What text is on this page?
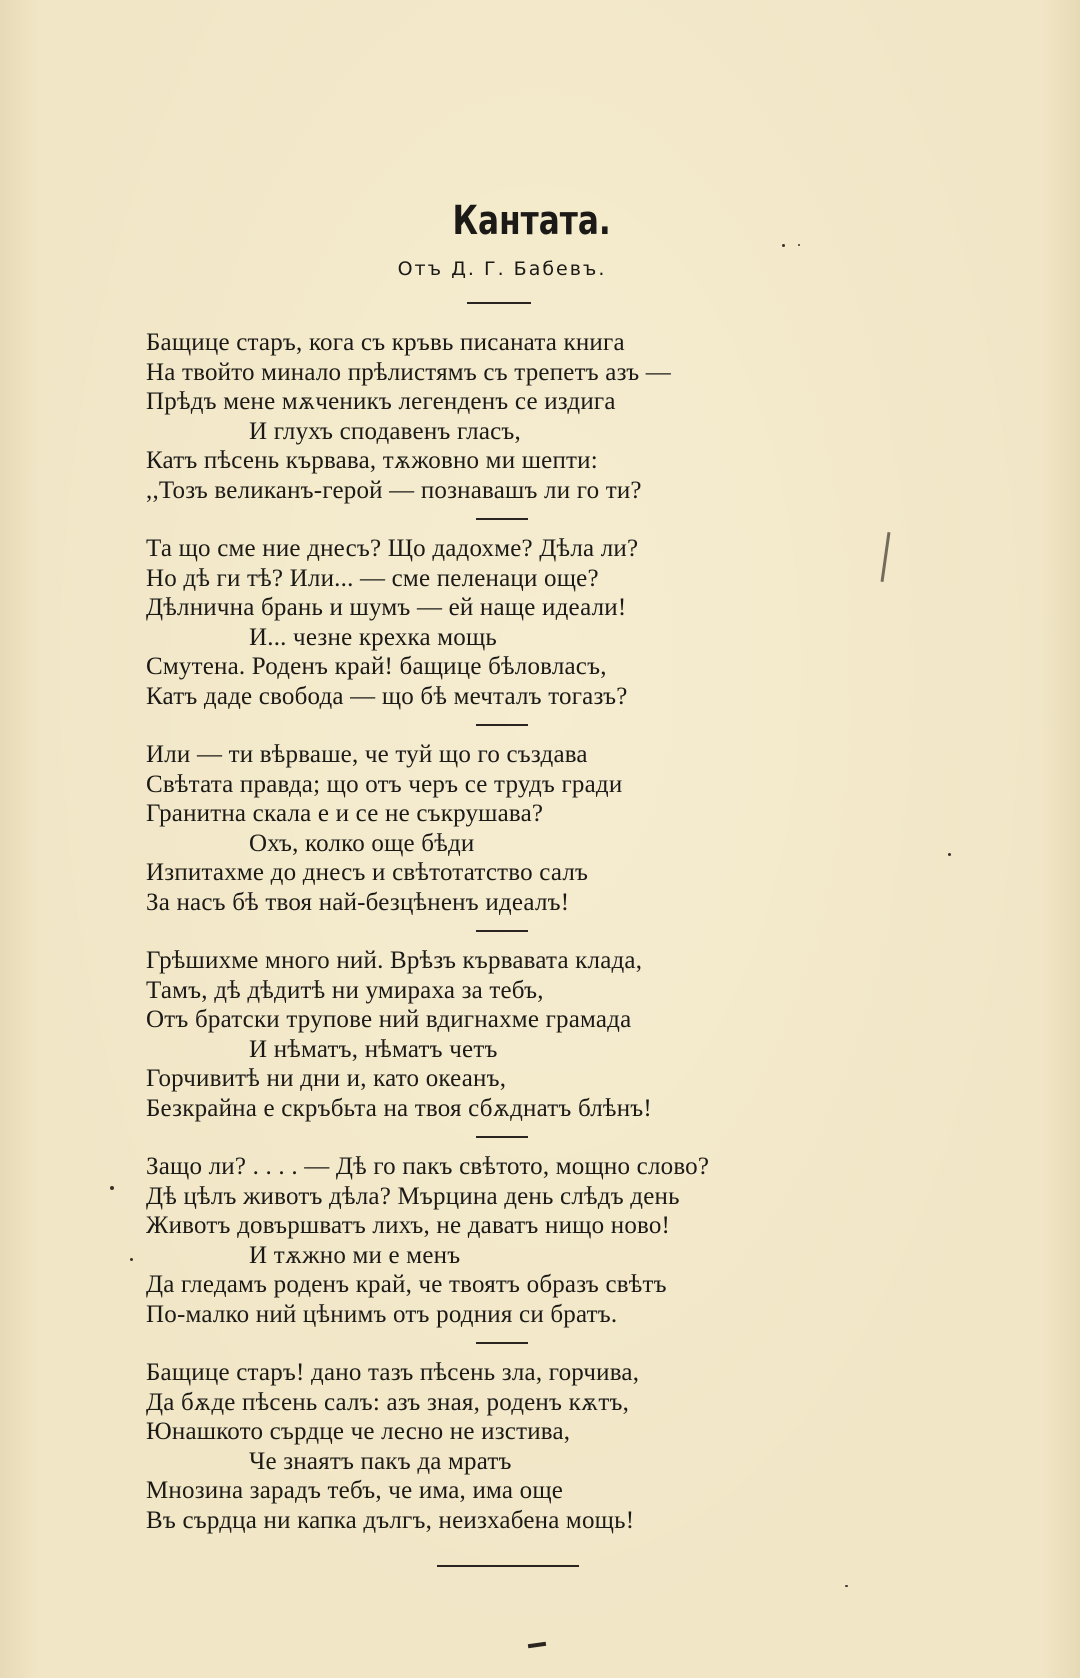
Кантата.
Отъ Д. Г. Бабевъ.
Бащице старъ, кога съ кръвь писаната книга
На твойто минало прѣлистямъ съ трепетъ азъ —
Прѣдъ мене мѫченикъ легенденъ се издига
И глухъ сподавенъ гласъ,
Катъ пѣсень кървава, тѫжовно ми шепти:
,,Тозъ великанъ-герой — познавашъ ли го ти?
Та що сме ние днесъ? Що дадохме? Дѣла ли?
Но дѣ ги тѣ? Или... — сме пеленаци още?
Дѣлнична брань и шумъ — ей наще идеали!
И... чезне крехка мощь
Смутена. Роденъ край! бащице бѣловласъ,
Катъ даде свобода — що бѣ мечталъ тогазъ?
Или — ти вѣрваше, че туй що го създава
Свѣтата правда; що отъ черъ се трудъ гради
Гранитна скала е и се не съкрушава?
Охъ, колко още бѣди
Изпитахме до днесъ и свѣтотатство салъ
За насъ бѣ твоя най-безцѣненъ идеалъ!
Грѣшихме много ний. Врѣзъ кървавата клада,
Тамъ, дѣ дѣдитѣ ни умираха за тебъ,
Отъ братски трупове ний вдигнахме грамада
И нѣматъ, нѣматъ четъ
Горчивитѣ ни дни и, като океанъ,
Безкрайна е скръбьта на твоя сбѫднатъ блѣнъ!
Защо ли? . . . . — Дѣ го пакъ свѣтото, мощно слово?
Дѣ цѣлъ животъ дѣла? Мърцина день слѣдъ день
Животъ довършватъ лихъ, не даватъ нищо ново!
И тѫжно ми е менъ
Да гледамъ роденъ край, че твоятъ образъ свѣтъ
По-малко ний цѣнимъ отъ родния си братъ.
Бащице старъ! дано тазъ пѣсень зла, горчива,
Да бѫде пѣсень салъ: азъ зная, роденъ кѫтъ,
Юнашкото сърдце че лесно не изстива,
Че знаятъ пакъ да мратъ
Мнозина зарадъ тебъ, че има, има още
Въ сърдца ни капка дългъ, неизхабена мощь!
